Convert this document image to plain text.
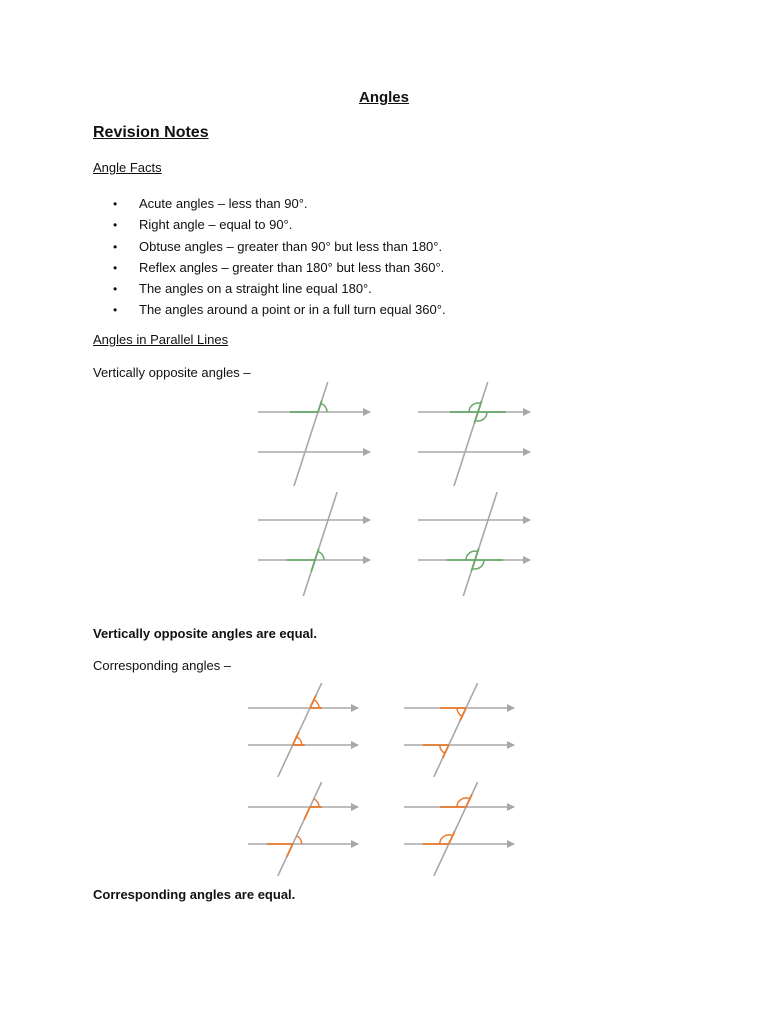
Angles
Revision Notes
Angle Facts
• Acute angles – less than 90°.
• Right angle – equal to 90°.
• Obtuse angles – greater than 90° but less than 180°.
• Reflex angles – greater than 180° but less than 360°.
• The angles on a straight line equal 180°.
• The angles around a point or in a full turn equal 360°.
Angles in Parallel Lines
Vertically opposite angles –
Vertically opposite angles are equal.
Corresponding angles –
Corresponding angles are equal.
